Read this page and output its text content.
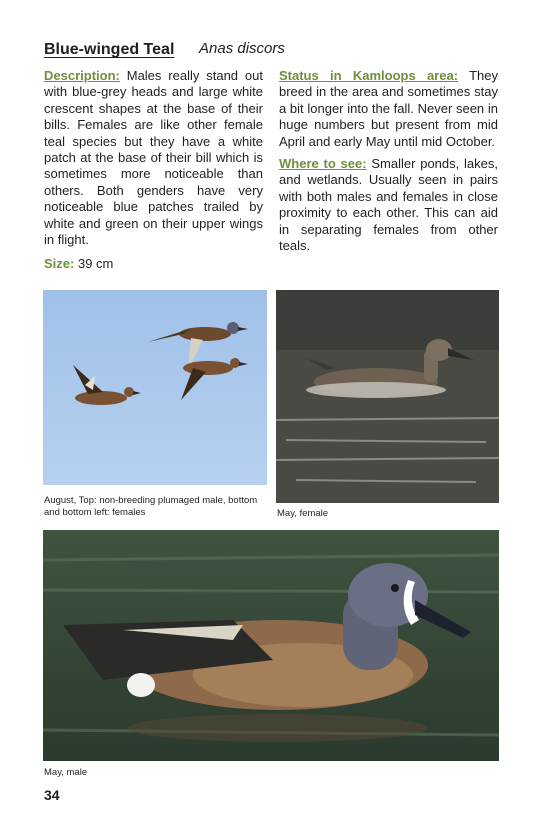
Blue-winged Teal Anas discors

Description: Males really stand out with blue-grey heads and large white crescent shapes at the base of their bills. Females are like other female teal species but they have a white patch at the base of their bill which is sometimes more noticeable than others. Both genders have very noticeable blue patches trailed by white and green on their upper wings in flight.

Size: 39 cm

Status in Kamloops area: They breed in the area and sometimes stay a bit longer into the fall. Never seen in huge numbers but present from mid April and early May until mid October.

Where to see: Smaller ponds, lakes, and wetlands. Usually seen in pairs with both males and females in close proximity to each other. This can aid in separating females from other teals.

August, Top: non-breeding plumaged male, bottom and bottom left: females	May, female
May, male
34
